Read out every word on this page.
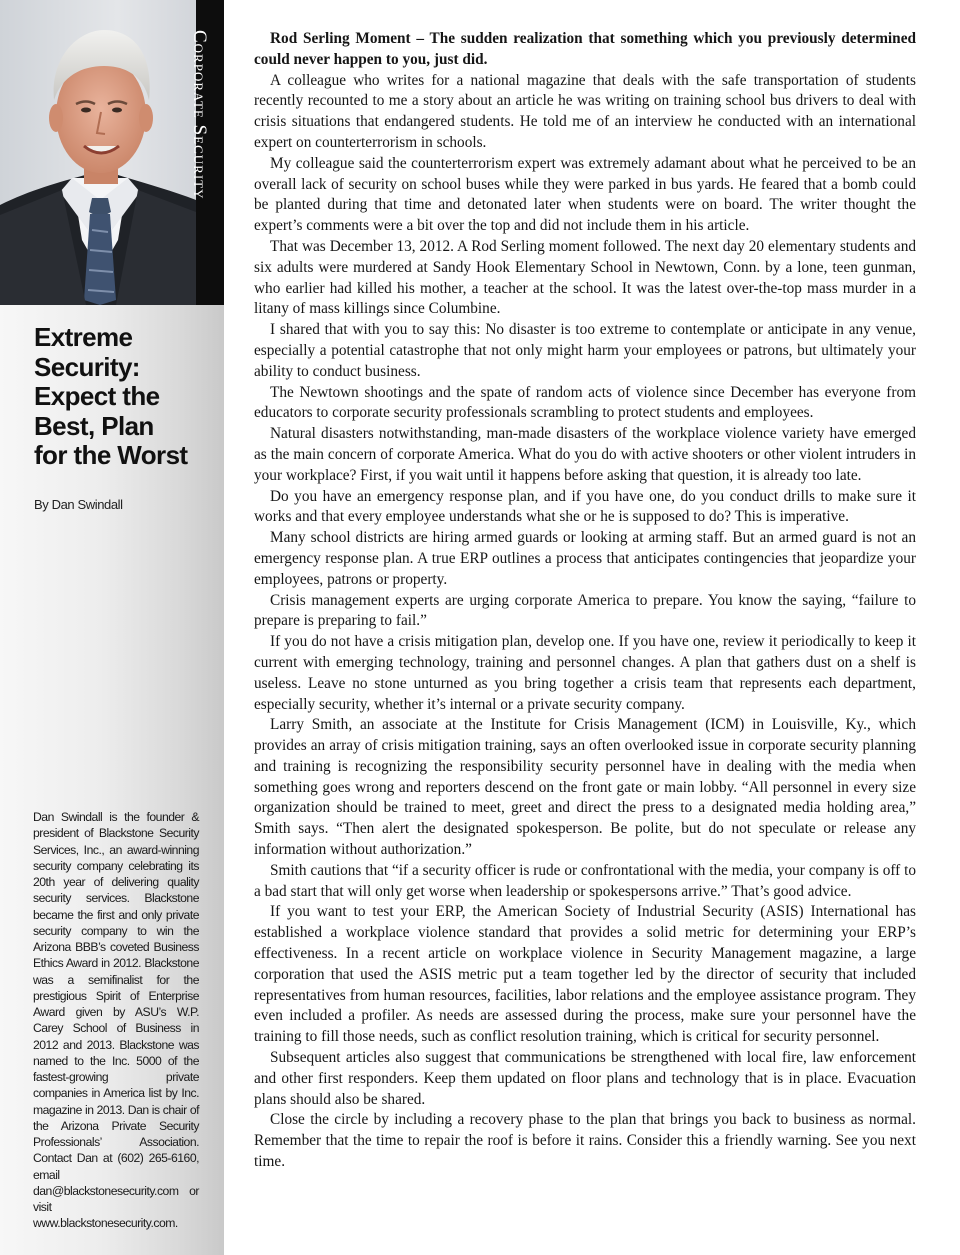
Corporate Security
Extreme
Security:
Expect the
Best, Plan
for the Worst
By Dan Swindall

Dan Swindall is the founder & president of Blackstone Security Services, Inc., an award-winning security company celebrating its 20th year of delivering quality security services. Blackstone became the first and only private security company to win the Arizona BBB’s coveted Business Ethics Award in 2012. Blackstone was a semifinalist for the prestigious Spirit of Enterprise Award given by ASU’s W.P. Carey School of Business in 2012 and 2013. Blackstone was named to the Inc. 5000 of the fastest-growing private companies in America list by Inc. magazine in 2013. Dan is chair of the Arizona Private Security Professionals’ Association. Contact Dan at (602) 265-6160, email dan@blackstonesecurity.com or visit www.blackstonesecurity.com.

Rod Serling Moment – The sudden realization that something which you previously determined could never happen to you, just did.

A colleague who writes for a national magazine that deals with the safe transportation of students recently recounted to me a story about an article he was writing on training school bus drivers to deal with crisis situations that endangered students. He told me of an interview he conducted with an international expert on counterterrorism in schools.

My colleague said the counterterrorism expert was extremely adamant about what he perceived to be an overall lack of security on school buses while they were parked in bus yards. He feared that a bomb could be planted during that time and detonated later when students were on board. The writer thought the expert’s comments were a bit over the top and did not include them in his article.

That was December 13, 2012. A Rod Serling moment followed. The next day 20 elementary students and six adults were murdered at Sandy Hook Elementary School in Newtown, Conn. by a lone, teen gunman, who earlier had killed his mother, a teacher at the school. It was the latest over-the-top mass murder in a litany of mass killings since Columbine.

I shared that with you to say this: No disaster is too extreme to contemplate or anticipate in any venue, especially a potential catastrophe that not only might harm your employees or patrons, but ultimately your ability to conduct business.

The Newtown shootings and the spate of random acts of violence since December has everyone from educators to corporate security professionals scrambling to protect students and employees.

Natural disasters notwithstanding, man-made disasters of the workplace violence variety have emerged as the main concern of corporate America. What do you do with active shooters or other violent intruders in your workplace? First, if you wait until it happens before asking that question, it is already too late.

Do you have an emergency response plan, and if you have one, do you conduct drills to make sure it works and that every employee understands what she or he is supposed to do? This is imperative.

Many school districts are hiring armed guards or looking at arming staff. But an armed guard is not an emergency response plan. A true ERP outlines a process that anticipates contingencies that jeopardize your employees, patrons or property.

Crisis management experts are urging corporate America to prepare. You know the saying, “failure to prepare is preparing to fail.”

If you do not have a crisis mitigation plan, develop one. If you have one, review it periodically to keep it current with emerging technology, training and personnel changes. A plan that gathers dust on a shelf is useless. Leave no stone unturned as you bring together a crisis team that represents each department, especially security, whether it’s internal or a private security company.

Larry Smith, an associate at the Institute for Crisis Management (ICM) in Louisville, Ky., which provides an array of crisis mitigation training, says an often overlooked issue in corporate security planning and training is recognizing the responsibility security personnel have in dealing with the media when something goes wrong and reporters descend on the front gate or main lobby. “All personnel in every size organization should be trained to meet, greet and direct the press to a designated media holding area,” Smith says. “Then alert the designated spokesperson. Be polite, but do not speculate or release any information without authorization.”

Smith cautions that “if a security officer is rude or confrontational with the media, your company is off to a bad start that will only get worse when leadership or spokespersons arrive.” That’s good advice.

If you want to test your ERP, the American Society of Industrial Security (ASIS) International has established a workplace violence standard that provides a solid metric for determining your ERP’s effectiveness. In a recent article on workplace violence in Security Management magazine, a large corporation that used the ASIS metric put a team together led by the director of security that included representatives from human resources, facilities, labor relations and the employee assistance program. They even included a profiler. As needs are assessed during the process, make sure your personnel have the training to fill those needs, such as conflict resolution training, which is critical for security personnel.

Subsequent articles also suggest that communications be strengthened with local fire, law enforcement and other first responders. Keep them updated on floor plans and technology that is in place. Evacuation plans should also be shared.

Close the circle by including a recovery phase to the plan that brings you back to business as normal. Remember that the time to repair the roof is before it rains. Consider this a friendly warning. See you next time.
